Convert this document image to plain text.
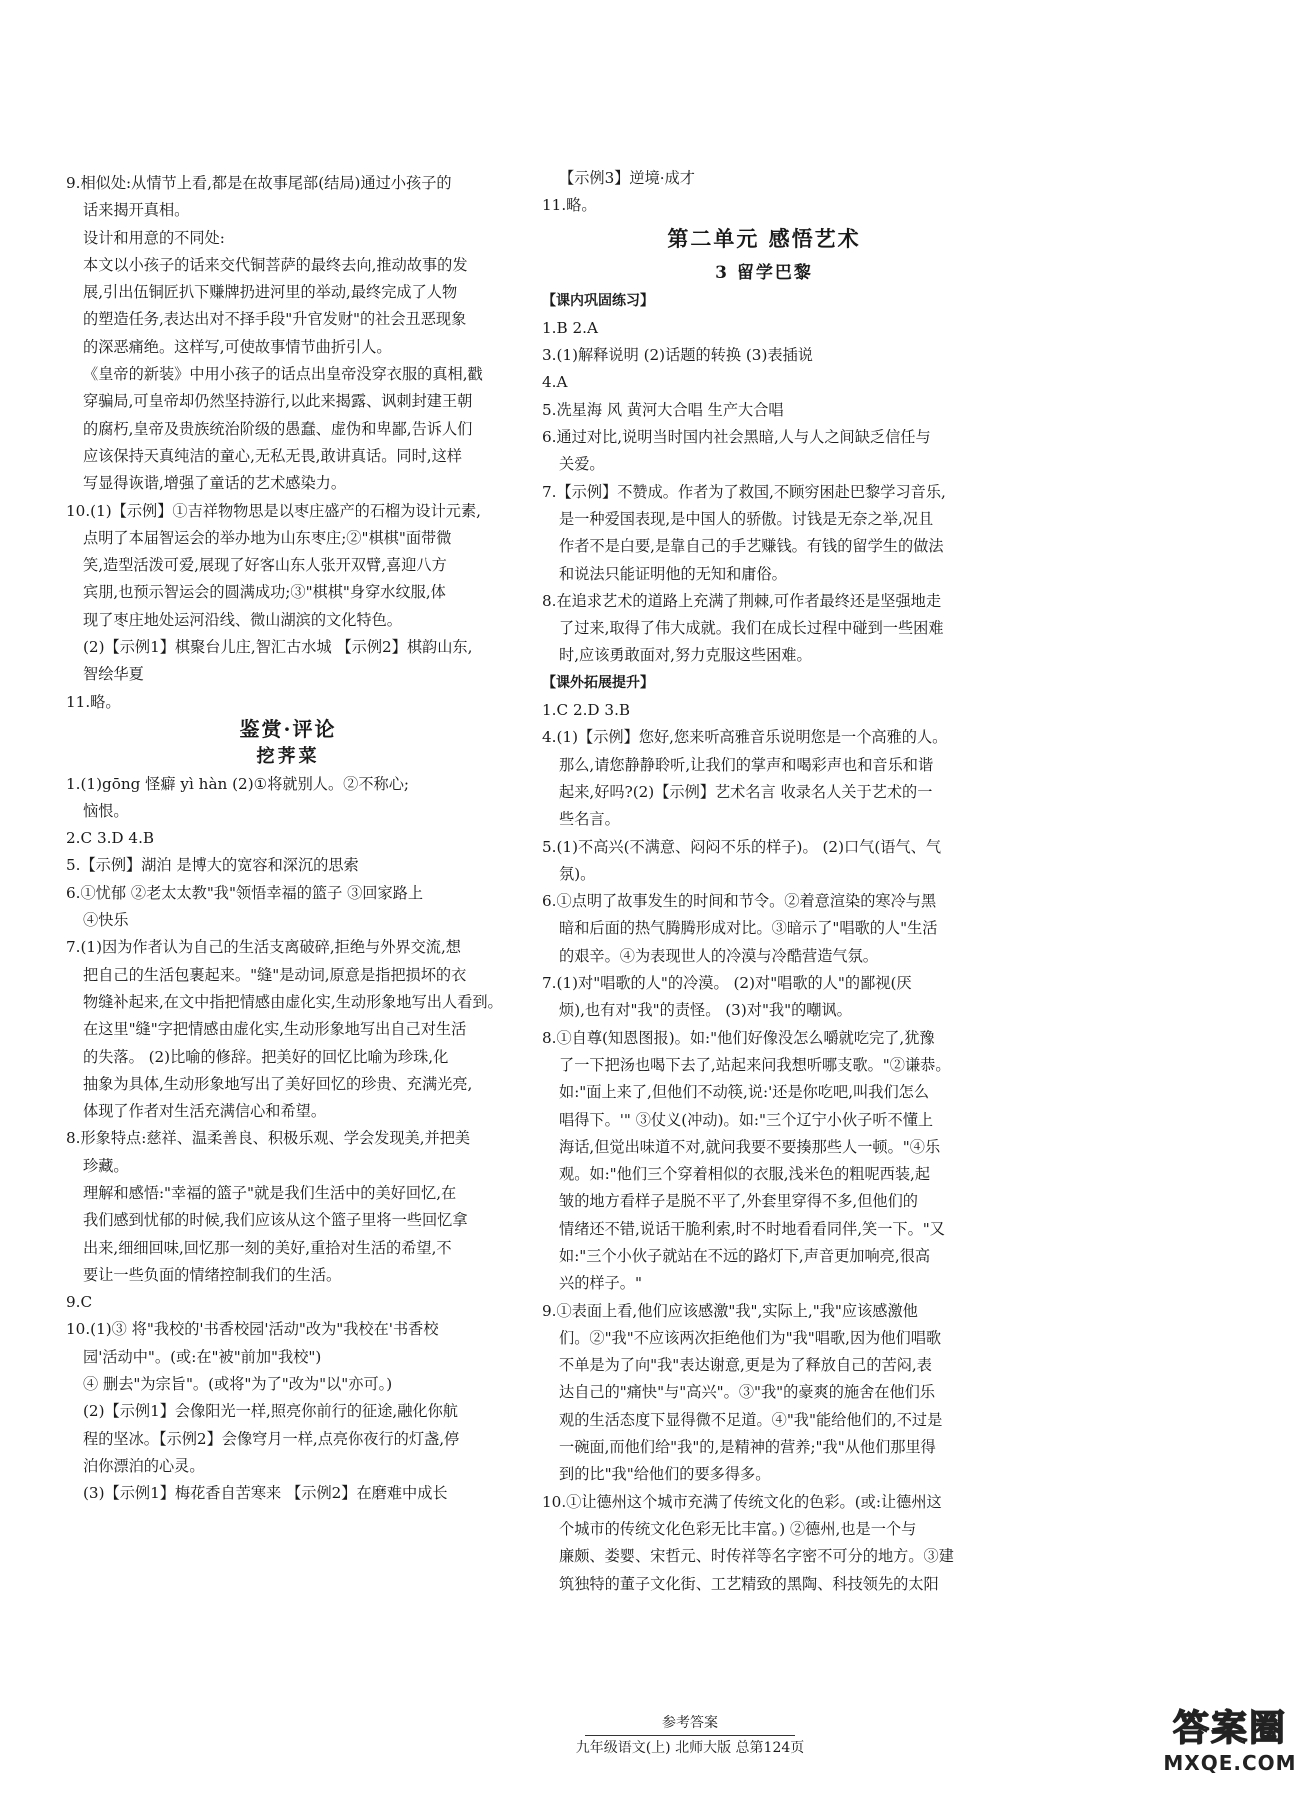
9.相似处:从情节上看,都是在故事尾部(结局)通过小孩子的
话来揭开真相。
设计和用意的不同处:
本文以小孩子的话来交代铜菩萨的最终去向,推动故事的发
展,引出伍铜匠扒下赚牌扔进河里的举动,最终完成了人物
的塑造任务,表达出对不择手段"升官发财"的社会丑恶现象
的深恶痛绝。这样写,可使故事情节曲折引人。
《皇帝的新装》中用小孩子的话点出皇帝没穿衣服的真相,戳
穿骗局,可皇帝却仍然坚持游行,以此来揭露、讽刺封建王朝
的腐朽,皇帝及贵族统治阶级的愚蠢、虚伪和卑鄙,告诉人们
应该保持天真纯洁的童心,无私无畏,敢讲真话。同时,这样
写显得诙谐,增强了童话的艺术感染力。
10.(1)【示例】①吉祥物物思是以枣庄盛产的石榴为设计元素,
点明了本届智运会的举办地为山东枣庄;②"棋棋"面带微
笑,造型活泼可爱,展现了好客山东人张开双臂,喜迎八方
宾朋,也预示智运会的圆满成功;③"棋棋"身穿水纹服,体
现了枣庄地处运河沿线、微山湖滨的文化特色。
(2)【示例1】棋聚台儿庄,智汇古水城 【示例2】棋韵山东,
智绘华夏
11.略。
鉴赏·评论
挖荠菜
1.(1)gōng 怪癖 yì hàn (2)①将就别人。②不称心;
恼恨。
2.C 3.D 4.B
5.【示例】湖泊 是博大的宽容和深沉的思索
6.①忧郁 ②老太太教"我"领悟幸福的篮子 ③回家路上
④快乐
7.(1)因为作者认为自己的生活支离破碎,拒绝与外界交流,想
把自己的生活包裹起来。"缝"是动词,原意是指把损坏的衣
物缝补起来,在文中指把情感由虚化实,生动形象地写出人看到。
在这里"缝"字把情感由虚化实,生动形象地写出自己对生活
的失落。 (2)比喻的修辞。把美好的回忆比喻为珍珠,化
抽象为具体,生动形象地写出了美好回忆的珍贵、充满光亮,
体现了作者对生活充满信心和希望。
8.形象特点:慈祥、温柔善良、积极乐观、学会发现美,并把美
珍藏。
理解和感悟:"幸福的篮子"就是我们生活中的美好回忆,在
我们感到忧郁的时候,我们应该从这个篮子里将一些回忆拿
出来,细细回味,回忆那一刻的美好,重拾对生活的希望,不
要让一些负面的情绪控制我们的生活。
9.C
10.(1)③ 将"我校的'书香校园'活动"改为"我校在'书香校
园'活动中"。(或:在"被"前加"我校")
④ 删去"为宗旨"。(或将"为了"改为"以"亦可。)
(2)【示例1】会像阳光一样,照亮你前行的征途,融化你航
程的坚冰。【示例2】会像穹月一样,点亮你夜行的灯盏,停
泊你漂泊的心灵。
(3)【示例1】梅花香自苦寒来 【示例2】在磨难中成长
【示例3】逆境·成才
11.略。
第二单元 感悟艺术
3 留学巴黎
【课内巩固练习】
1.B 2.A
3.(1)解释说明 (2)话题的转换 (3)表插说
4.A
5.冼星海 风 黄河大合唱 生产大合唱
6.通过对比,说明当时国内社会黑暗,人与人之间缺乏信任与
关爱。
7.【示例】不赞成。作者为了救国,不顾穷困赴巴黎学习音乐,
是一种爱国表现,是中国人的骄傲。讨钱是无奈之举,况且
作者不是白要,是靠自己的手艺赚钱。有钱的留学生的做法
和说法只能证明他的无知和庸俗。
8.在追求艺术的道路上充满了荆棘,可作者最终还是坚强地走
了过来,取得了伟大成就。我们在成长过程中碰到一些困难
时,应该勇敢面对,努力克服这些困难。
【课外拓展提升】
1.C 2.D 3.B
4.(1)【示例】您好,您来听高雅音乐说明您是一个高雅的人。
那么,请您静静聆听,让我们的掌声和喝彩声也和音乐和谐
起来,好吗?(2)【示例】艺术名言 收录名人关于艺术的一
些名言。
5.(1)不高兴(不满意、闷闷不乐的样子)。 (2)口气(语气、气
氛)。
6.①点明了故事发生的时间和节令。②着意渲染的寒冷与黑
暗和后面的热气腾腾形成对比。③暗示了"唱歌的人"生活
的艰辛。④为表现世人的冷漠与冷酷营造气氛。
7.(1)对"唱歌的人"的冷漠。 (2)对"唱歌的人"的鄙视(厌
烦),也有对"我"的责怪。 (3)对"我"的嘲讽。
8.①自尊(知恩图报)。如:"他们好像没怎么嚼就吃完了,犹豫
了一下把汤也喝下去了,站起来问我想听哪支歌。"②谦恭。
如:"面上来了,但他们不动筷,说:'还是你吃吧,叫我们怎么
唱得下。'" ③仗义(冲动)。如:"三个辽宁小伙子听不懂上
海话,但觉出味道不对,就问我要不要揍那些人一顿。"④乐
观。如:"他们三个穿着相似的衣服,浅米色的粗呢西装,起
皱的地方看样子是脱不平了,外套里穿得不多,但他们的
情绪还不错,说话干脆利索,时不时地看看同伴,笑一下。"又
如:"三个小伙子就站在不远的路灯下,声音更加响亮,很高
兴的样子。"
9.①表面上看,他们应该感激"我",实际上,"我"应该感激他
们。②"我"不应该两次拒绝他们为"我"唱歌,因为他们唱歌
不单是为了向"我"表达谢意,更是为了释放自己的苦闷,表
达自己的"痛快"与"高兴"。③"我"的豪爽的施舍在他们乐
观的生活态度下显得微不足道。④"我"能给他们的,不过是
一碗面,而他们给"我"的,是精神的营养;"我"从他们那里得
到的比"我"给他们的要多得多。
10.①让德州这个城市充满了传统文化的色彩。(或:让德州这
个城市的传统文化色彩无比丰富。) ②德州,也是一个与
廉颇、娄婴、宋哲元、时传祥等名字密不可分的地方。③建
筑独特的董子文化街、工艺精致的黑陶、科技领先的太阳
参考答案
九年级语文(上) 北师大版 总第124页	答案圈
MXQE.COM
